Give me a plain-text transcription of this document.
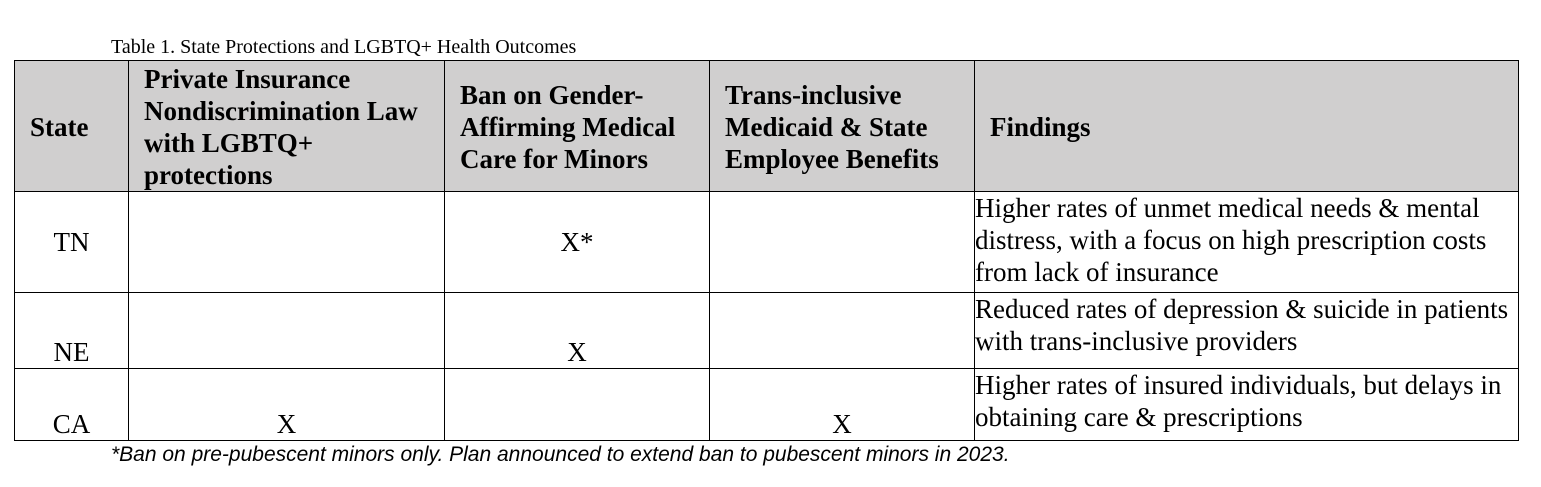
Table 1. State Protections and LGBTQ+ Health Outcomes
State	Private Insurance Nondiscrimination Law with LGBTQ+ protections	Ban on Gender-Affirming Medical Care for Minors	Trans-inclusive Medicaid & State Employee Benefits	Findings
TN		X*		Higher rates of unmet medical needs & mental distress, with a focus on high prescription costs from lack of insurance
NE		X		Reduced rates of depression & suicide in patients with trans-inclusive providers
CA	X		X	Higher rates of insured individuals, but delays in obtaining care & prescriptions
*Ban on pre-pubescent minors only. Plan announced to extend ban to pubescent minors in 2023.
